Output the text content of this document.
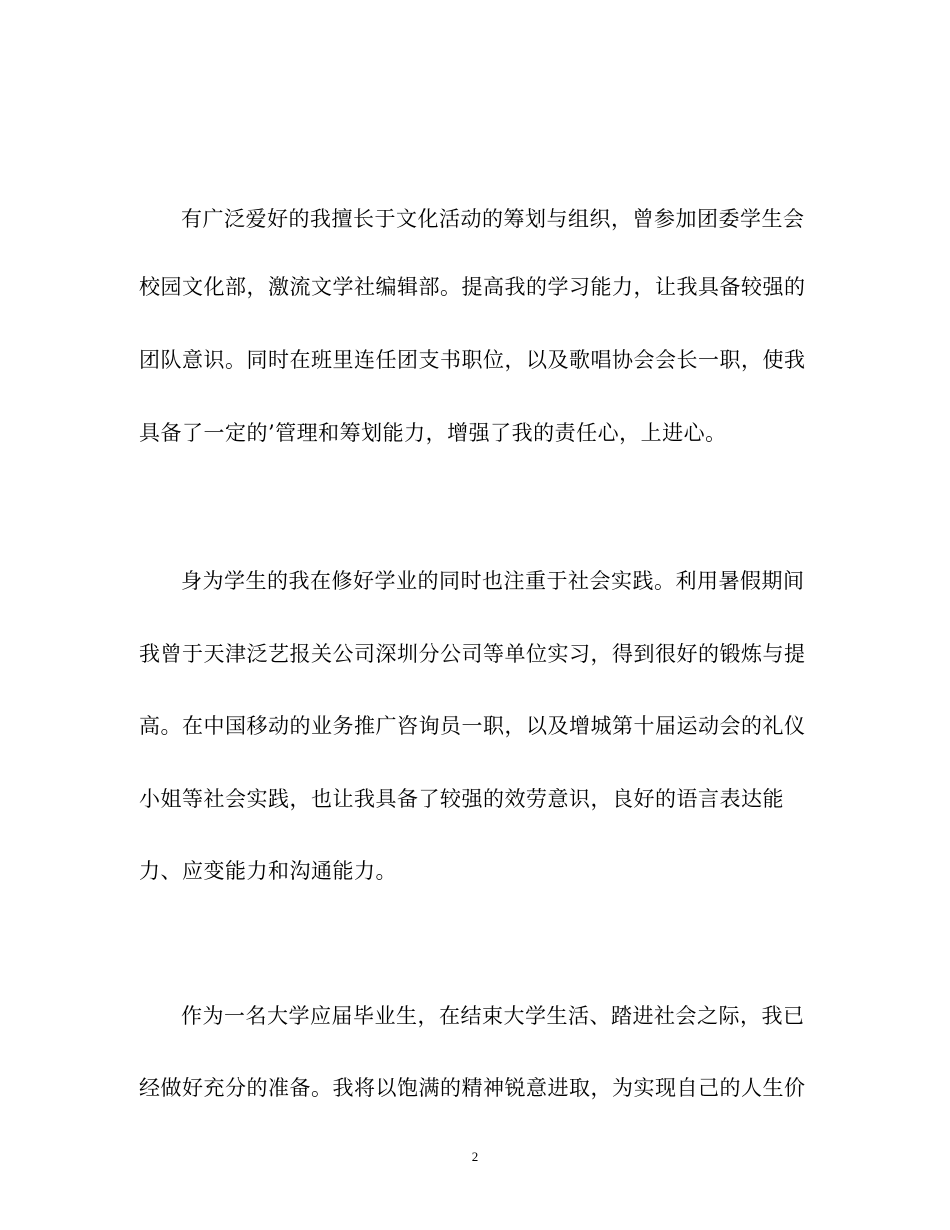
有广泛爱好的我擅长于文化活动的筹划与组织，曾参加团委学生会
校园文化部，激流文学社编辑部。提高我的学习能力，让我具备较强的
团队意识。同时在班里连任团支书职位，以及歌唱协会会长一职，使我
具备了一定的’管理和筹划能力，增强了我的责任心，上进心。
身为学生的我在修好学业的同时也注重于社会实践。利用暑假期间
我曾于天津泛艺报关公司深圳分公司等单位实习，得到很好的锻炼与提
高。在中国移动的业务推广咨询员一职，以及增城第十届运动会的礼仪
小姐等社会实践，也让我具备了较强的效劳意识，良好的语言表达能
力、应变能力和沟通能力。
作为一名大学应届毕业生，在结束大学生活、踏进社会之际，我已
经做好充分的准备。我将以饱满的精神锐意进取，为实现自己的人生价
2
